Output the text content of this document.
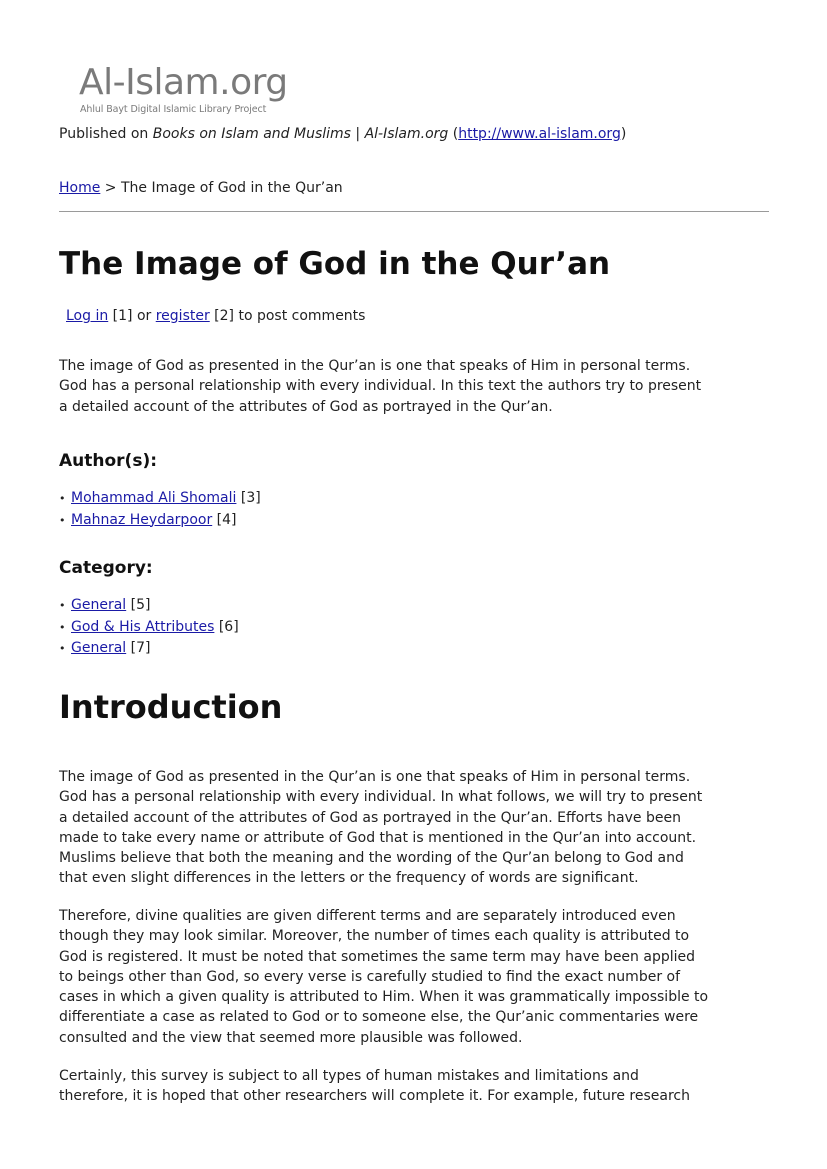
Al-Islam.org
Ahlul Bayt Digital Islamic Library Project
Published on Books on Islam and Muslims | Al-Islam.org (http://www.al-islam.org)
Home > The Image of God in the Qur’an
The Image of God in the Qur’an
Log in [1] or register [2] to post comments

The image of God as presented in the Qur’an is one that speaks of Him in personal terms.
God has a personal relationship with every individual. In this text the authors try to present
a detailed account of the attributes of God as portrayed in the Qur’an.

Author(s):
• Mohammad Ali Shomali [3]
• Mahnaz Heydarpoor [4]
Category:
• General [5]
• God & His Attributes [6]
• General [7]
Introduction

The image of God as presented in the Qur’an is one that speaks of Him in personal terms.
God has a personal relationship with every individual. In what follows, we will try to present
a detailed account of the attributes of God as portrayed in the Qur’an. Efforts have been
made to take every name or attribute of God that is mentioned in the Qur’an into account.
Muslims believe that both the meaning and the wording of the Qur’an belong to God and
that even slight differences in the letters or the frequency of words are significant.

Therefore, divine qualities are given different terms and are separately introduced even
though they may look similar. Moreover, the number of times each quality is attributed to
God is registered. It must be noted that sometimes the same term may have been applied
to beings other than God, so every verse is carefully studied to find the exact number of
cases in which a given quality is attributed to Him. When it was grammatically impossible to
differentiate a case as related to God or to someone else, the Qur’anic commentaries were
consulted and the view that seemed more plausible was followed.

Certainly, this survey is subject to all types of human mistakes and limitations and
therefore, it is hoped that other researchers will complete it. For example, future research
